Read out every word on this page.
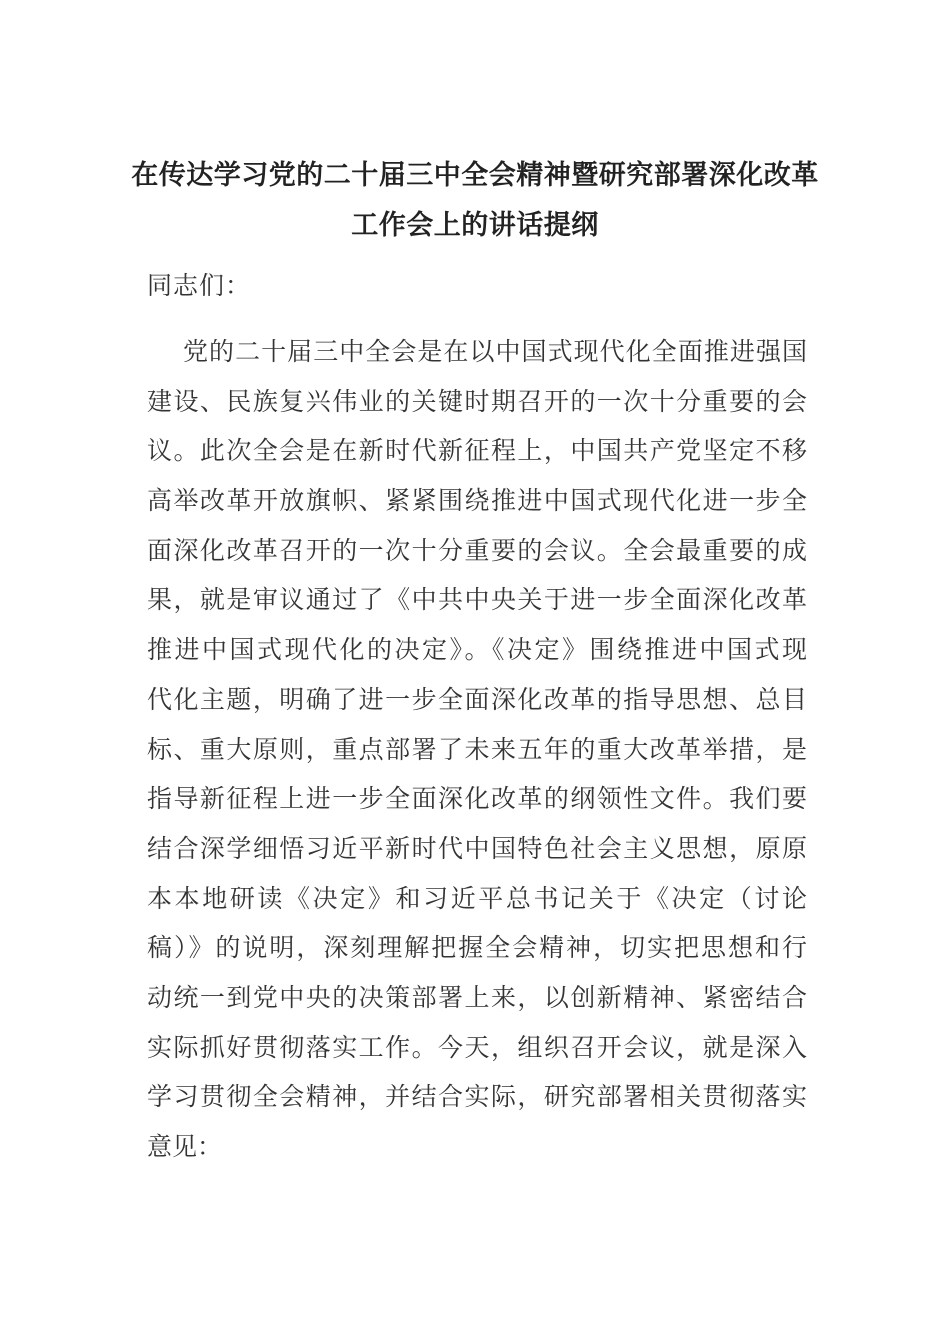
在传达学习党的二十届三中全会精神暨研究部署深化改革
工作会上的讲话提纲
同志们：
党的二十届三中全会是在以中国式现代化全面推进强国
建设、民族复兴伟业的关键时期召开的一次十分重要的会
议。此次全会是在新时代新征程上，中国共产党坚定不移
高举改革开放旗帜、紧紧围绕推进中国式现代化进一步全
面深化改革召开的一次十分重要的会议。全会最重要的成
果，就是审议通过了《中共中央关于进一步全面深化改革
推进中国式现代化的决定》。《决定》围绕推进中国式现
代化主题，明确了进一步全面深化改革的指导思想、总目
标、重大原则，重点部署了未来五年的重大改革举措，是
指导新征程上进一步全面深化改革的纲领性文件。我们要
结合深学细悟习近平新时代中国特色社会主义思想，原原
本本地研读《决定》和习近平总书记关于《决定（讨论
稿）》的说明，深刻理解把握全会精神，切实把思想和行
动统一到党中央的决策部署上来，以创新精神、紧密结合
实际抓好贯彻落实工作。今天，组织召开会议，就是深入
学习贯彻全会精神，并结合实际，研究部署相关贯彻落实
意见：
